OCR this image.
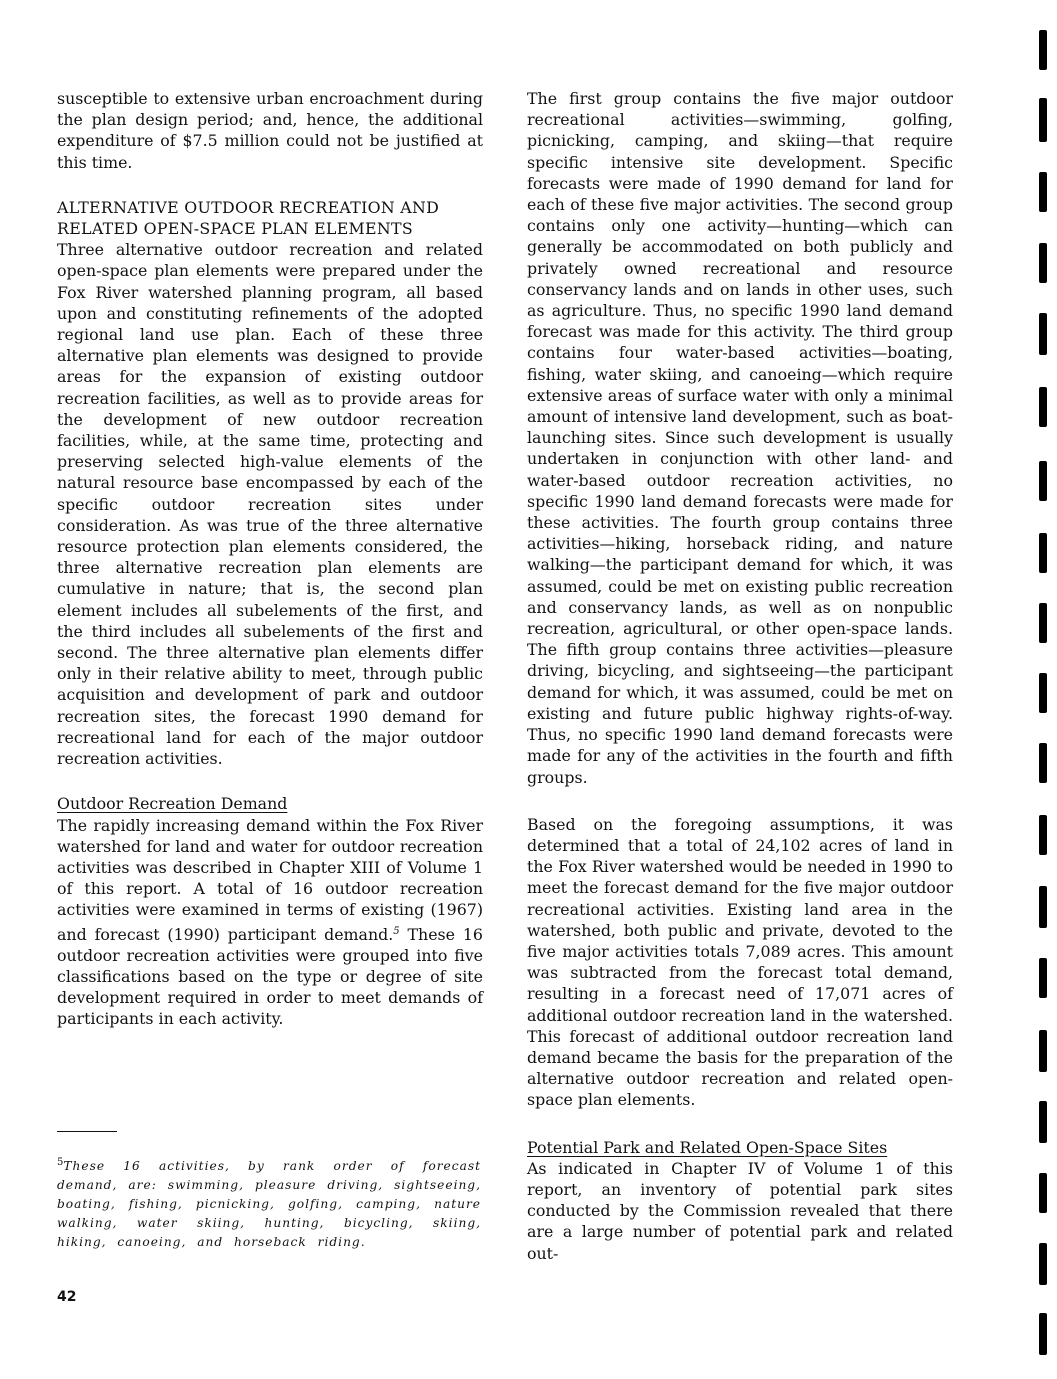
susceptible to extensive urban encroachment during the plan design period; and, hence, the additional expenditure of $7.5 million could not be justified at this time.

ALTERNATIVE OUTDOOR RECREATION AND
RELATED OPEN-SPACE PLAN ELEMENTS

Three alternative outdoor recreation and related open-space plan elements were prepared under the Fox River watershed planning program, all based upon and constituting refinements of the adopted regional land use plan. Each of these three alternative plan elements was designed to provide areas for the expansion of existing outdoor recreation facilities, as well as to provide areas for the development of new outdoor recreation facilities, while, at the same time, protecting and preserving selected high-value elements of the natural resource base encompassed by each of the specific outdoor recreation sites under consideration. As was true of the three alternative resource protection plan elements considered, the three alternative recreation plan elements are cumulative in nature; that is, the second plan element includes all subelements of the first, and the third includes all subelements of the first and second. The three alternative plan elements differ only in their relative ability to meet, through public acquisition and development of park and outdoor recreation sites, the forecast 1990 demand for recreational land for each of the major outdoor recreation activities.

Outdoor Recreation Demand

The rapidly increasing demand within the Fox River watershed for land and water for outdoor recreation activities was described in Chapter XIII of Volume 1 of this report. A total of 16 outdoor recreation activities were examined in terms of existing (1967) and forecast (1990) participant demand.$^5$ These 16 outdoor recreation activities were grouped into five classifications based on the type or degree of site development required in order to meet demands of participants in each activity.

$^5$These 16 activities, by rank order of forecast demand, are: swimming, pleasure driving, sightseeing, boating, fishing, picnicking, golfing, camping, nature walking, water skiing, hunting, bicycling, skiing, hiking, canoeing, and horseback riding.
42

The first group contains the five major outdoor recreational activities—swimming, golfing, picnicking, camping, and skiing—that require specific intensive site development. Specific forecasts were made of 1990 demand for land for each of these five major activities. The second group contains only one activity—hunting—which can generally be accommodated on both publicly and privately owned recreational and resource conservancy lands and on lands in other uses, such as agriculture. Thus, no specific 1990 land demand forecast was made for this activity. The third group contains four water-based activities—boating, fishing, water skiing, and canoeing—which require extensive areas of surface water with only a minimal amount of intensive land development, such as boat-launching sites. Since such development is usually undertaken in conjunction with other land- and water-based outdoor recreation activities, no specific 1990 land demand forecasts were made for these activities. The fourth group contains three activities—hiking, horseback riding, and nature walking—the participant demand for which, it was assumed, could be met on existing public recreation and conservancy lands, as well as on nonpublic recreation, agricultural, or other open-space lands. The fifth group contains three activities—pleasure driving, bicycling, and sightseeing—the participant demand for which, it was assumed, could be met on existing and future public highway rights-of-way. Thus, no specific 1990 land demand forecasts were made for any of the activities in the fourth and fifth groups.

Based on the foregoing assumptions, it was determined that a total of 24,102 acres of land in the Fox River watershed would be needed in 1990 to meet the forecast demand for the five major outdoor recreational activities. Existing land area in the watershed, both public and private, devoted to the five major activities totals 7,089 acres. This amount was subtracted from the forecast total demand, resulting in a forecast need of 17,071 acres of additional outdoor recreation land in the watershed. This forecast of additional outdoor recreation land demand became the basis for the preparation of the alternative outdoor recreation and related open-space plan elements.

Potential Park and Related Open-Space Sites

As indicated in Chapter IV of Volume 1 of this report, an inventory of potential park sites conducted by the Commission revealed that there are a large number of potential park and related out-
